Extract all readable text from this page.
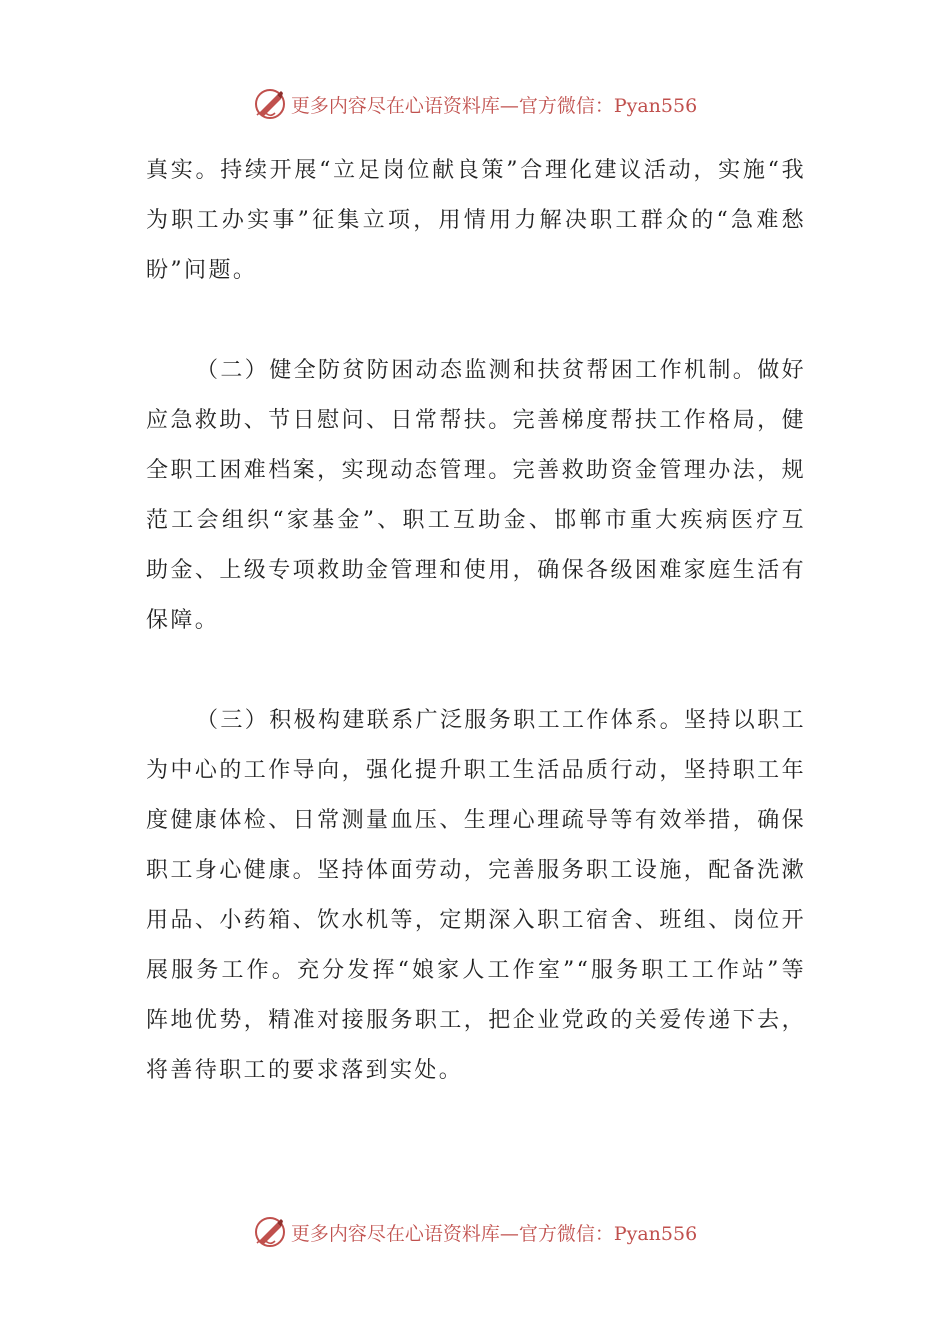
更多内容尽在心语资料库—官方微信：Pyan556

真实。持续开展“立足岗位献良策”合理化建议活动，实施“我为职工办实事”征集立项，用情用力解决职工群众的“急难愁盼”问题。

（二）健全防贫防困动态监测和扶贫帮困工作机制。做好应急救助、节日慰问、日常帮扶。完善梯度帮扶工作格局，健全职工困难档案，实现动态管理。完善救助资金管理办法，规范工会组织“家基金”、职工互助金、邯郸市重大疾病医疗互助金、上级专项救助金管理和使用，确保各级困难家庭生活有保障。

（三）积极构建联系广泛服务职工工作体系。坚持以职工为中心的工作导向，强化提升职工生活品质行动，坚持职工年度健康体检、日常测量血压、生理心理疏导等有效举措，确保职工身心健康。坚持体面劳动，完善服务职工设施，配备洗漱用品、小药箱、饮水机等，定期深入职工宿舍、班组、岗位开展服务工作。充分发挥“娘家人工作室”“服务职工工作站”等阵地优势，精准对接服务职工，把企业党政的关爱传递下去，将善待职工的要求落到实处。

更多内容尽在心语资料库—官方微信：Pyan556
